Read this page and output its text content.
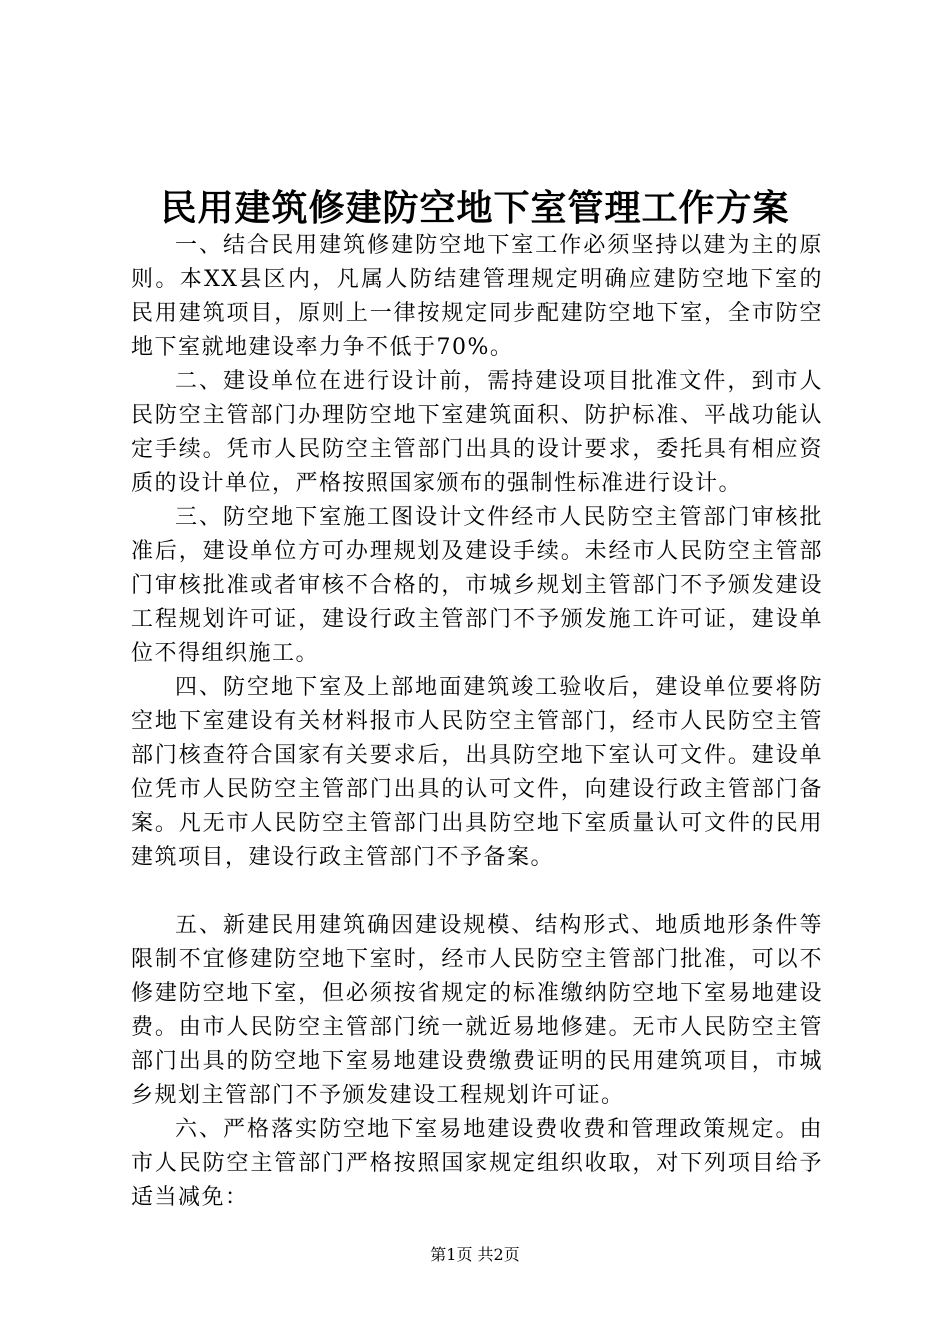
民用建筑修建防空地下室管理工作方案

一、结合民用建筑修建防空地下室工作必须坚持以建为主的原则。本XX县区内，凡属人防结建管理规定明确应建防空地下室的民用建筑项目，原则上一律按规定同步配建防空地下室，全市防空地下室就地建设率力争不低于70%。

二、建设单位在进行设计前，需持建设项目批准文件，到市人民防空主管部门办理防空地下室建筑面积、防护标准、平战功能认定手续。凭市人民防空主管部门出具的设计要求，委托具有相应资质的设计单位，严格按照国家颁布的强制性标准进行设计。

三、防空地下室施工图设计文件经市人民防空主管部门审核批准后，建设单位方可办理规划及建设手续。未经市人民防空主管部门审核批准或者审核不合格的，市城乡规划主管部门不予颁发建设工程规划许可证，建设行政主管部门不予颁发施工许可证，建设单位不得组织施工。

四、防空地下室及上部地面建筑竣工验收后，建设单位要将防空地下室建设有关材料报市人民防空主管部门，经市人民防空主管部门核查符合国家有关要求后，出具防空地下室认可文件。建设单位凭市人民防空主管部门出具的认可文件，向建设行政主管部门备案。凡无市人民防空主管部门出具防空地下室质量认可文件的民用建筑项目，建设行政主管部门不予备案。

五、新建民用建筑确因建设规模、结构形式、地质地形条件等限制不宜修建防空地下室时，经市人民防空主管部门批准，可以不修建防空地下室，但必须按省规定的标准缴纳防空地下室易地建设费。由市人民防空主管部门统一就近易地修建。无市人民防空主管部门出具的防空地下室易地建设费缴费证明的民用建筑项目，市城乡规划主管部门不予颁发建设工程规划许可证。

六、严格落实防空地下室易地建设费收费和管理政策规定。由市人民防空主管部门严格按照国家规定组织收取，对下列项目给予适当减免：

第1页 共2页
